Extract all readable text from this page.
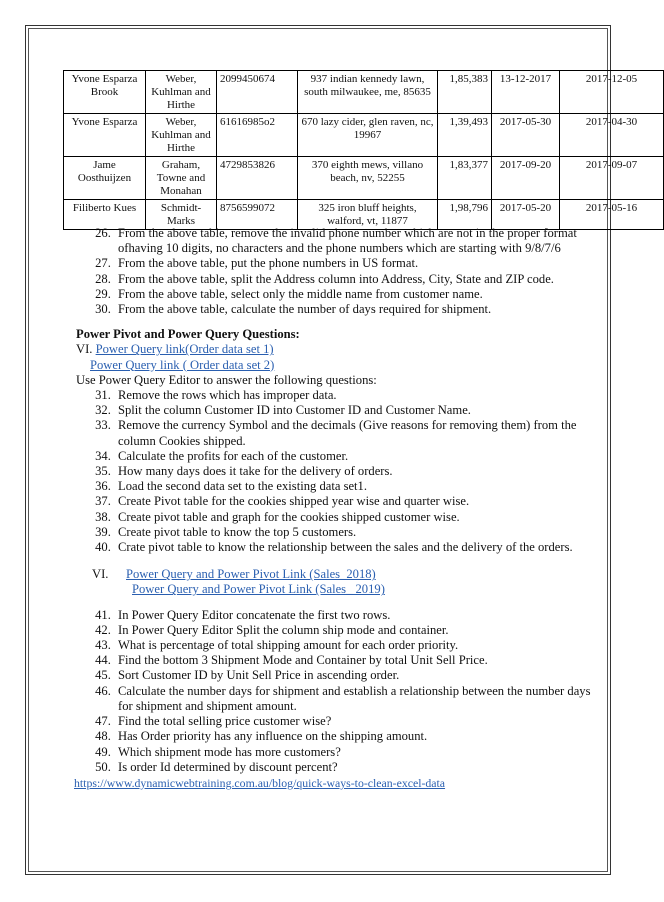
Yvone Esparza Brook	Weber, Kuhlman and Hirthe	2099450674	937 indian kennedy lawn, south milwaukee, me, 85635	1,85,383	13-12-2017	2017-12-05
Yvone Esparza	Weber, Kuhlman and Hirthe	61616985o2	670 lazy cider, glen raven, nc, 19967	1,39,493	2017-05-30	2017-04-30
Jame Oosthuijzen	Graham, Towne and Monahan	4729853826	370 eighth mews, villano beach, nv, 52255	1,83,377	2017-09-20	2017-09-07
Filiberto Kues	Schmidt-Marks	8756599072	325 iron bluff heights, walford, vt, 11877	1,98,796	2017-05-20	2017-05-16
26. From the above table, remove the invalid phone number which are not in the proper format ofhaving 10 digits, no characters and the phone numbers which are starting with 9/8/7/6
27. From the above table, put the phone numbers in US format.
28. From the above table, split the Address column into Address, City, State and ZIP code.
29. From the above table, select only the middle name from customer name.
30. From the above table, calculate the number of days required for shipment.
Power Pivot and Power Query Questions:
VI. Power Query link(Order data set 1)
Power Query link ( Order data set 2)
Use Power Query Editor to answer the following questions:
31. Remove the rows which has improper data.
32. Split the column Customer ID into Customer ID and Customer Name.
33. Remove the currency Symbol and the decimals (Give reasons for removing them) from the column Cookies shipped.
34. Calculate the profits for each of the customer.
35. How many days does it take for the delivery of orders.
36. Load the second data set to the existing data set1.
37. Create Pivot table for the cookies shipped year wise and quarter wise.
38. Create pivot table and graph for the cookies shipped customer wise.
39. Create pivot table to know the top 5 customers.
40. Crate pivot table to know the relationship between the sales and the delivery of the orders.
VI. Power Query and Power Pivot Link (Sales_2018)
Power Query and Power Pivot Link (Sales_ 2019)
41. In Power Query Editor concatenate the first two rows.
42. In Power Query Editor Split the column ship mode and container.
43. What is percentage of total shipping amount for each order priority.
44. Find the bottom 3 Shipment Mode and Container by total Unit Sell Price.
45. Sort Customer ID by Unit Sell Price in ascending order.
46. Calculate the number days for shipment and establish a relationship between the number days for shipment and shipment amount.
47. Find the total selling price customer wise?
48. Has Order priority has any influence on the shipping amount.
49. Which shipment mode has more customers?
50. Is order Id determined by discount percent?
https://www.dynamicwebtraining.com.au/blog/quick-ways-to-clean-excel-data
